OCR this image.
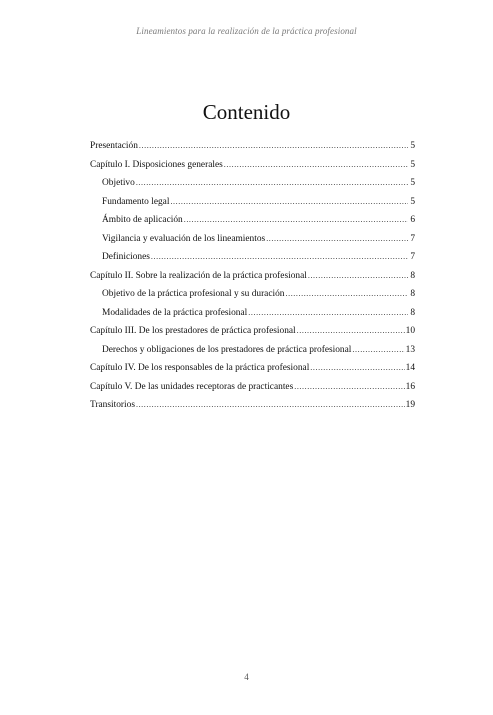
Lineamientos para la realización de la práctica profesional
Contenido
Presentación .....	5
Capítulo I. Disposiciones generales .....	5
Objetivo .....	5
Fundamento legal .....	5
Ámbito de aplicación .....	6
Vigilancia y evaluación de los lineamientos .....	7
Definiciones .....	7
Capítulo II. Sobre la realización de la práctica profesional .....	8
Objetivo de la práctica profesional y su duración .....	8
Modalidades de la práctica profesional .....	8
Capítulo III. De los prestadores de práctica profesional .....	10
Derechos y obligaciones de los prestadores de práctica profesional .....	13
Capítulo IV. De los responsables de la práctica profesional .....	14
Capítulo V. De las unidades receptoras de practicantes .....	16
Transitorios .....	19
4
